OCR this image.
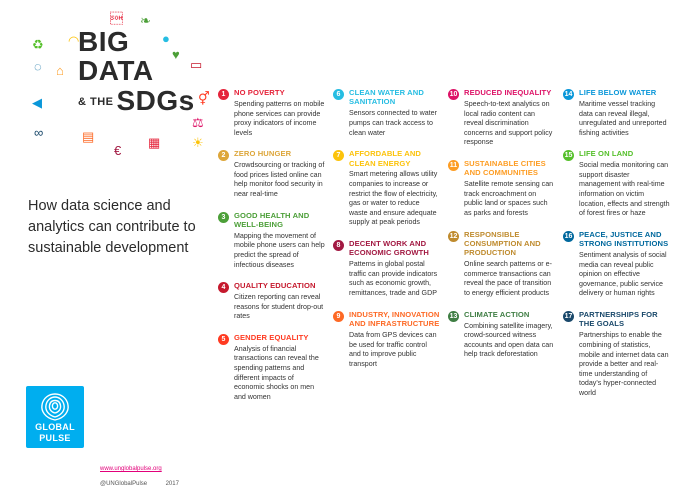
◠
 ❧
●
♥
▭
♻
◌ ⌂
◀	⚥
⚖
☀
∞	▤
€
▦
BIG
DATA
& THE SDGs
How data science and analytics can contribute to sustainable development
GLOBAL
PULSE
www.unglobalpulse.org
@UNGlobalPulse	2017
1	NO POVERTY
Spending patterns on mobile phone services can provide proxy indicators of income levels
2	ZERO HUNGER
Crowdsourcing or tracking of food prices listed online can help monitor food security in near real-time
3	GOOD HEALTH AND WELL-BEING
Mapping the movement of mobile phone users can help predict the spread of infectious diseases
4	QUALITY EDUCATION
Citizen reporting can reveal reasons for student drop-out rates
5	GENDER EQUALITY
Analysis of financial transactions can reveal the spending patterns and different impacts of economic shocks on men and women
6	CLEAN WATER AND SANITATION
Sensors connected to water pumps can track access to clean water
7	AFFORDABLE AND CLEAN ENERGY
Smart metering allows utility companies to increase or restrict the flow of electricity, gas or water to reduce waste and ensure adequate supply at peak periods
8	DECENT WORK AND ECONOMIC GROWTH
Patterns in global postal traffic can provide indicators such as economic growth, remittances, trade and GDP
9	INDUSTRY, INNOVATION AND INFRASTRUCTURE
Data from GPS devices can be used for traffic control and to improve public transport
10 REDUCED INEQUALITY
Speech-to-text analytics on local radio content can reveal discrimination concerns and support policy response
11 SUSTAINABLE CITIES AND COMMUNITIES
Satellite remote sensing can track encroachment on public land or spaces such as parks and forests
12 RESPONSIBLE CONSUMPTION AND PRODUCTION
Online search patterns or e-commerce transactions can reveal the pace of transition to energy efficient products
13 CLIMATE ACTION
Combining satellite imagery, crowd-sourced witness accounts and open data can help track deforestation
14 LIFE BELOW WATER
Maritime vessel tracking data can reveal illegal, unregulated and unreported fishing activities
15 LIFE ON LAND
Social media monitoring can support disaster management with real-time information on victim location, effects and strength of forest fires or haze
16 PEACE, JUSTICE AND STRONG INSTITUTIONS
Sentiment analysis of social media can reveal public opinion on effective governance, public service delivery or human rights
17 PARTNERSHIPS FOR THE GOALS
Partnerships to enable the combining of statistics, mobile and internet data can provide a better and real-time understanding of today's hyper-connected world
